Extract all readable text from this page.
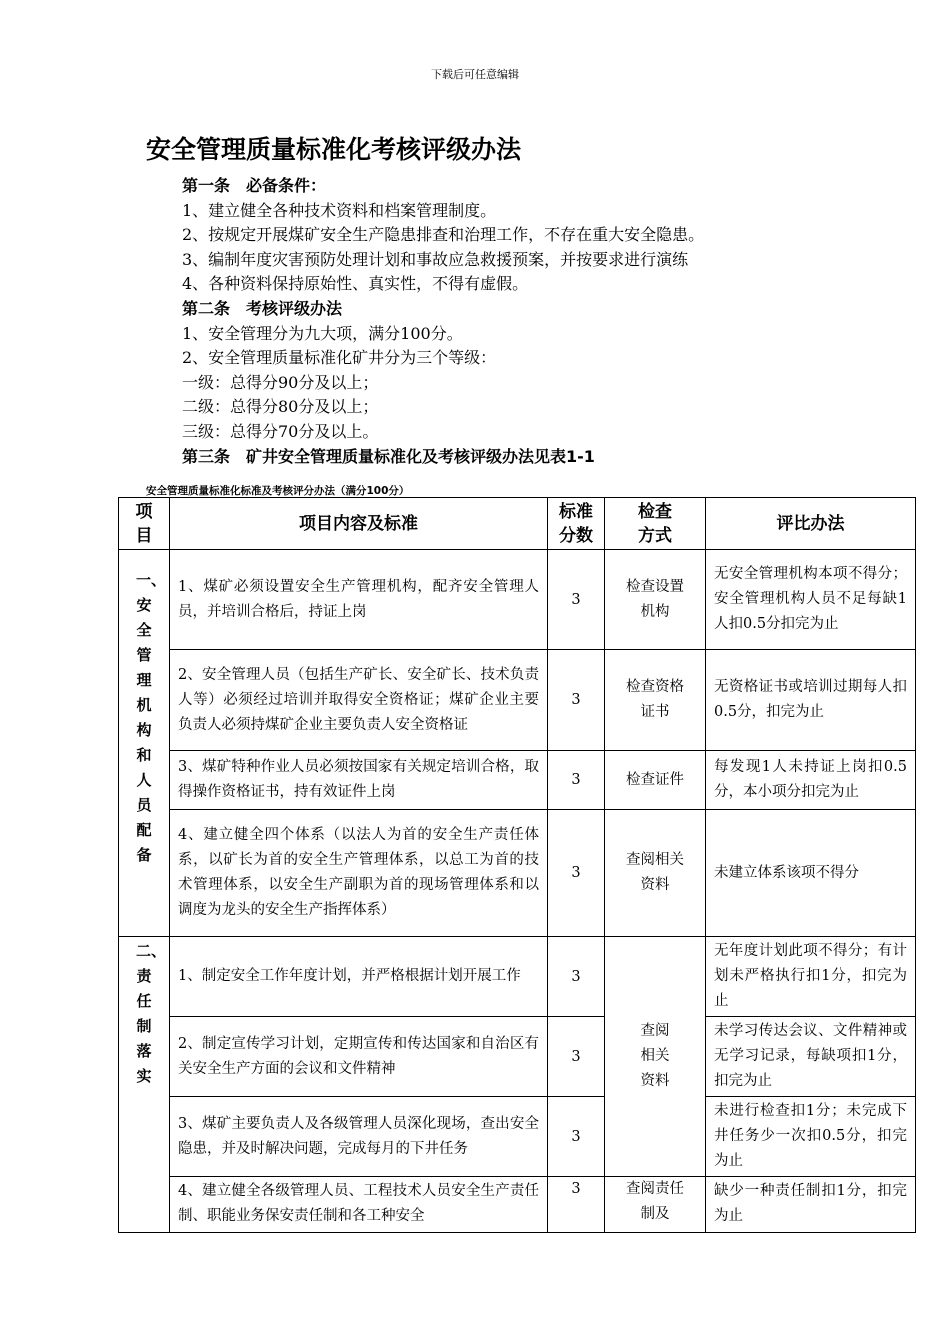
下载后可任意编辑
安全管理质量标准化考核评级办法
第一条　必备条件：
1、建立健全各种技术资料和档案管理制度。
2、按规定开展煤矿安全生产隐患排查和治理工作，不存在重大安全隐患。
3、编制年度灾害预防处理计划和事故应急救援预案，并按要求进行演练
4、各种资料保持原始性、真实性，不得有虚假。
第二条　考核评级办法
1、安全管理分为九大项，满分100分。
2、安全管理质量标准化矿井分为三个等级：
一级：总得分90分及以上；
二级：总得分80分及以上；
三级：总得分70分及以上。
第三条　矿井安全管理质量标准化及考核评级办法见表1-1
安全管理质量标准化标准及考核评分办法（满分100分）
项目	项目内容及标准	标准分数	检查方式	评比办法

一、安全管理机构和人员配备	1、煤矿必须设置安全生产管理机构，配齐安全管理人员，并培训合格后，持证上岗	3	检查设置机构	无安全管理机构本项不得分；安全管理机构人员不足每缺1人扣0.5分扣完为止
	2、安全管理人员（包括生产矿长、安全矿长、技术负责人等）必须经过培训并取得安全资格证；煤矿企业主要负责人必须持煤矿企业主要负责人安全资格证	3	检查资格证书	无资格证书或培训过期每人扣0.5分，扣完为止
	3、煤矿特种作业人员必须按国家有关规定培训合格，取得操作资格证书，持有效证件上岗	3	检查证件	每发现1人未持证上岗扣0.5分，本小项分扣完为止
	4、建立健全四个体系（以法人为首的安全生产责任体系，以矿长为首的安全生产管理体系，以总工为首的技术管理体系，以安全生产副职为首的现场管理体系和以调度为龙头的安全生产指挥体系）	3	查阅相关资料	未建立体系该项不得分

二、责任制落实	1、制定安全工作年度计划，并严格根据计划开展工作	3	查阅相关资料	无年度计划此项不得分；有计划未严格执行扣1分，扣完为止
	2、制定宣传学习计划，定期宣传和传达国家和自治区有关安全生产方面的会议和文件精神	3		未学习传达会议、文件精神或无学习记录，每缺项扣1分，扣完为止
	3、煤矿主要负责人及各级管理人员深化现场，查出安全隐患，并及时解决问题，完成每月的下井任务	3		未进行检查扣1分；未完成下井任务少一次扣0.5分，扣完为止
	4、建立健全各级管理人员、工程技术人员安全生产责任制、职能业务保安责任制和各工种安全	3	查阅责任制及	缺少一种责任制扣1分，扣完为止
